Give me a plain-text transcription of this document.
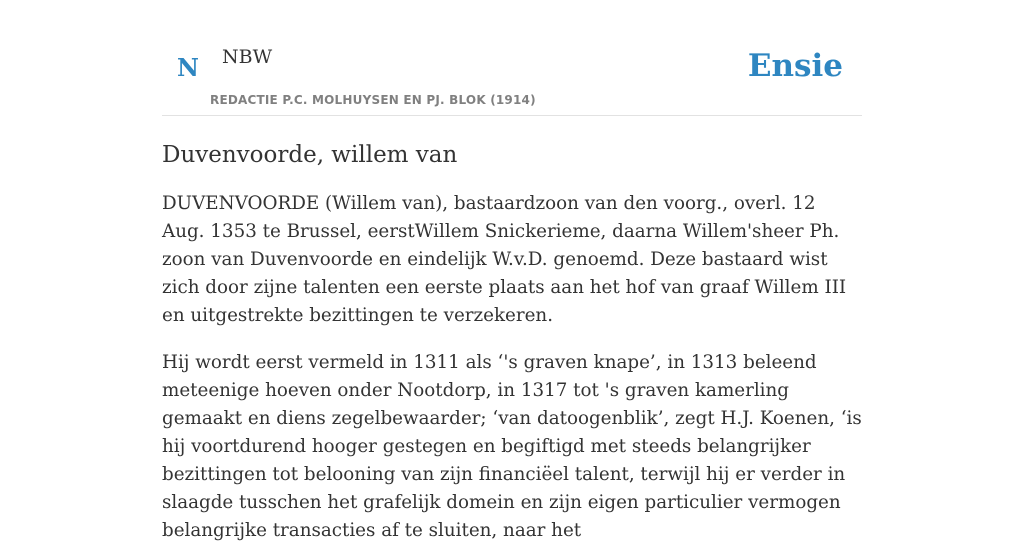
N NBW
REDACTIE P.C. MOLHUYSEN EN PJ. BLOK (1914)
Ensie
Duvenvoorde, willem van

DUVENVOORDE (Willem van), bastaardzoon van den voorg., overl. 12 Aug. 1353 te Brussel, eerstWillem Snickerieme, daarna Willem'sheer Ph. zoon van Duvenvoorde en eindelijk W.v.D. genoemd. Deze bastaard wist zich door zijne talenten een eerste plaats aan het hof van graaf Willem III en uitgestrekte bezittingen te verzekeren.

Hij wordt eerst vermeld in 1311 als ‘'s graven knape’, in 1313 beleend meteenige hoeven onder Nootdorp, in 1317 tot 's graven kamerling gemaakt en diens zegelbewaarder; ‘van datoogenblik’, zegt H.J. Koenen, ‘is hij voortdurend hooger gestegen en begiftigd met steeds belangrijker bezittingen tot belooning van zijn financiëel talent, terwijl hij er verder in slaagde tusschen het grafelijk domein en zijn eigen particulier vermogen belangrijke transacties af te sluiten, naar het
